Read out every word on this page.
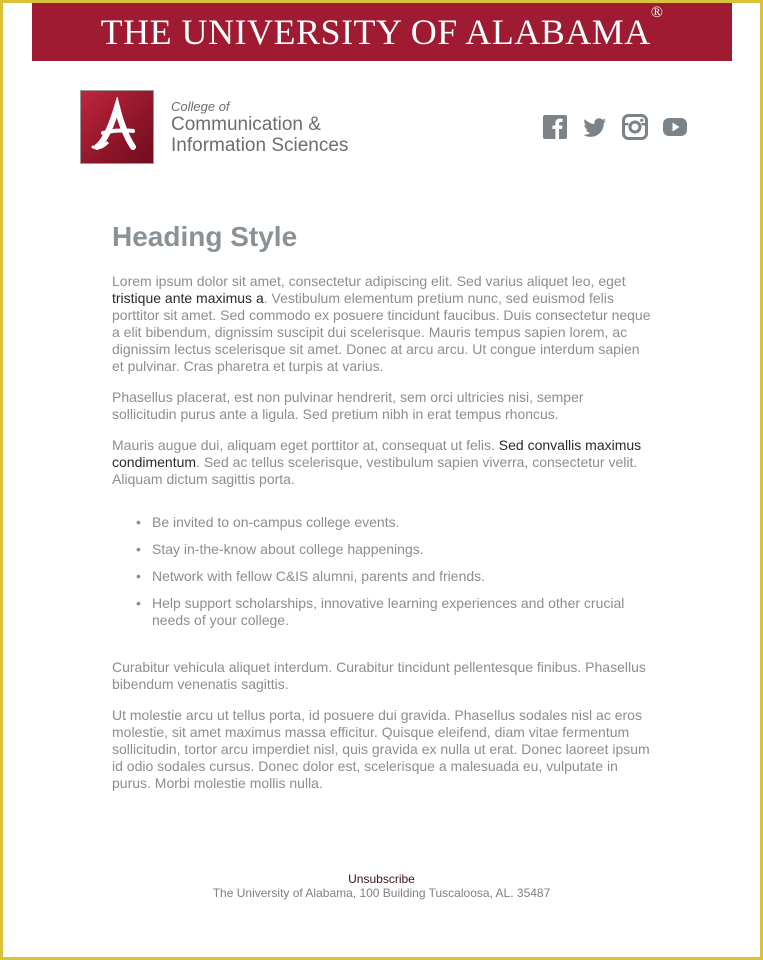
THE UNIVERSITY OF ALABAMA®
College of
Communication &
Information Sciences
Heading Style

Lorem ipsum dolor sit amet, consectetur adipiscing elit. Sed varius aliquet leo, eget tristique ante maximus a. Vestibulum elementum pretium nunc, sed euismod felis porttitor sit amet. Sed commodo ex posuere tincidunt faucibus. Duis consectetur neque a elit bibendum, dignissim suscipit dui scelerisque. Mauris tempus sapien lorem, ac dignissim lectus scelerisque sit amet. Donec at arcu arcu. Ut congue interdum sapien et pulvinar. Cras pharetra et turpis at varius.

Phasellus placerat, est non pulvinar hendrerit, sem orci ultricies nisi, semper sollicitudin purus ante a ligula. Sed pretium nibh in erat tempus rhoncus.

Mauris augue dui, aliquam eget porttitor at, consequat ut felis. Sed convallis maximus condimentum. Sed ac tellus scelerisque, vestibulum sapien viverra, consectetur velit. Aliquam dictum sagittis porta.

• Be invited to on-campus college events.
• Stay in-the-know about college happenings.
• Network with fellow C&IS alumni, parents and friends.
• Help support scholarships, innovative learning experiences and other crucial needs of your college.

Curabitur vehicula aliquet interdum. Curabitur tincidunt pellentesque finibus. Phasellus bibendum venenatis sagittis.

Ut molestie arcu ut tellus porta, id posuere dui gravida. Phasellus sodales nisl ac eros molestie, sit amet maximus massa efficitur. Quisque eleifend, diam vitae fermentum sollicitudin, tortor arcu imperdiet nisl, quis gravida ex nulla ut erat. Donec laoreet ipsum id odio sodales cursus. Donec dolor est, scelerisque a malesuada eu, vulputate in purus. Morbi molestie mollis nulla.

Unsubscribe
The University of Alabama, 100 Building Tuscaloosa, AL. 35487
